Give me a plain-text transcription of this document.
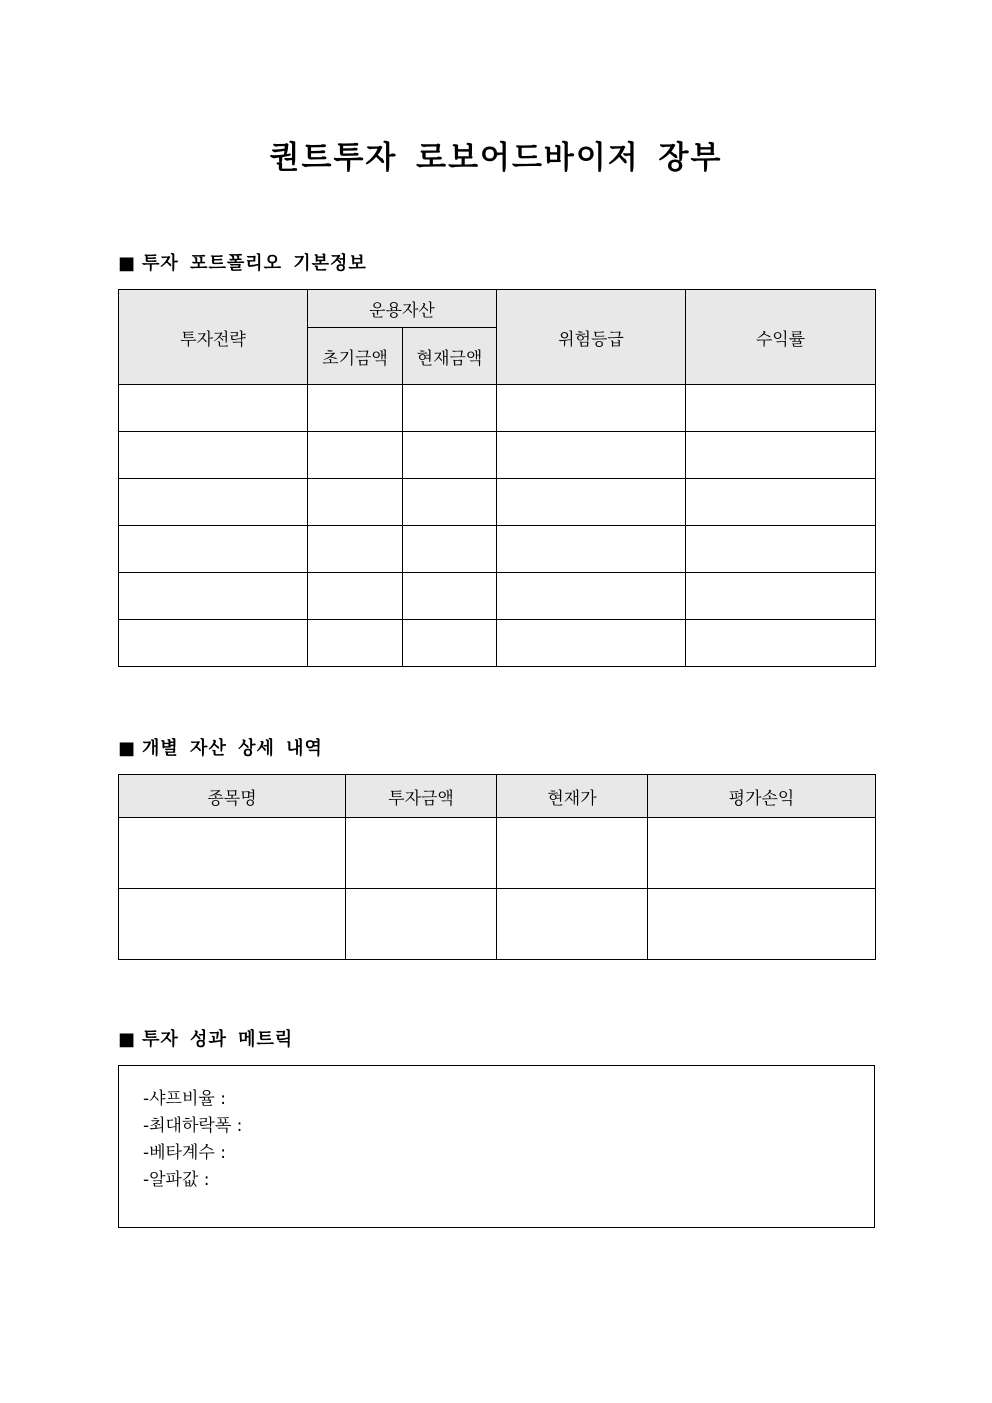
퀀트투자 로보어드바이저 장부
■ 투자 포트폴리오 기본정보
투자전략	운용자산		위험등급	수익률
	초기금액	현재금액		

■ 개별 자산 상세 내역
종목명	투자금액	현재가	평가손익

■ 투자 성과 메트릭
-샤프비율 :
-최대하락폭 :
-베타계수 :
-알파값 :
